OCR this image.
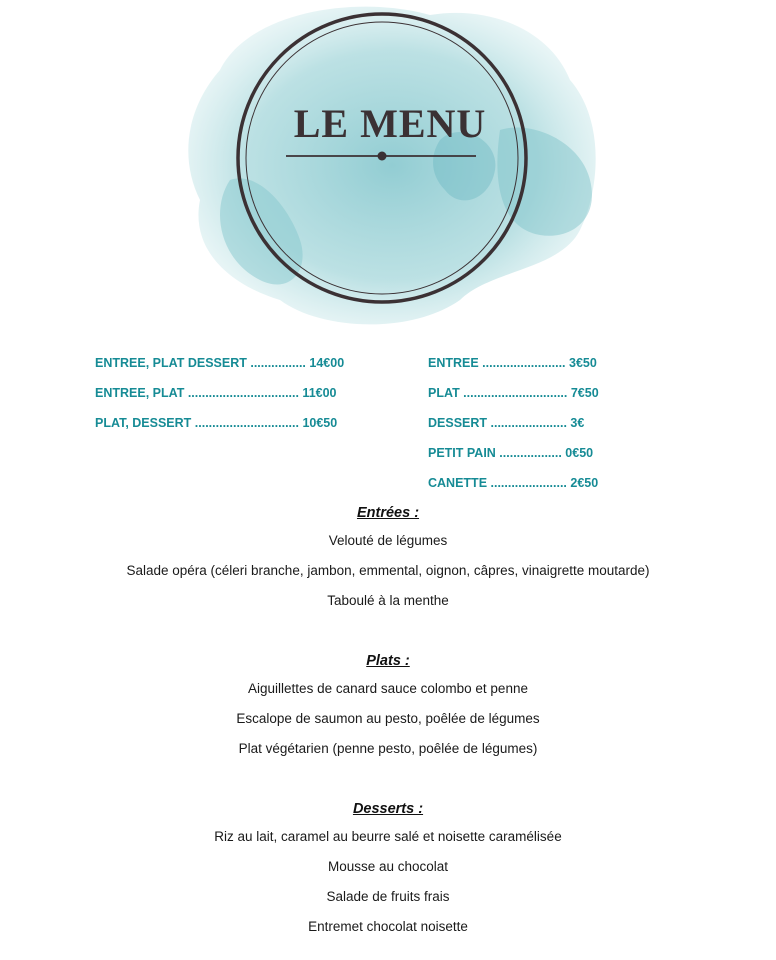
LE MENU
ENTREE, PLAT DESSERT ................ 14€00
ENTREE, PLAT ................................ 11€00
PLAT, DESSERT .............................. 10€50
ENTREE ........................ 3€50
PLAT .............................. 7€50
DESSERT ...................... 3€
PETIT PAIN .................. 0€50
CANETTE ...................... 2€50
Entrées :
Velouté de légumes
Salade opéra (céleri branche, jambon, emmental, oignon, câpres, vinaigrette moutarde)
Taboulé à la menthe
Plats :
Aiguillettes de canard sauce colombo et penne
Escalope de saumon au pesto, poêlée de légumes
Plat végétarien (penne pesto, poêlée de légumes)
Desserts :
Riz au lait, caramel au beurre salé et noisette caramélisée
Mousse au chocolat
Salade de fruits frais
Entremet chocolat noisette
